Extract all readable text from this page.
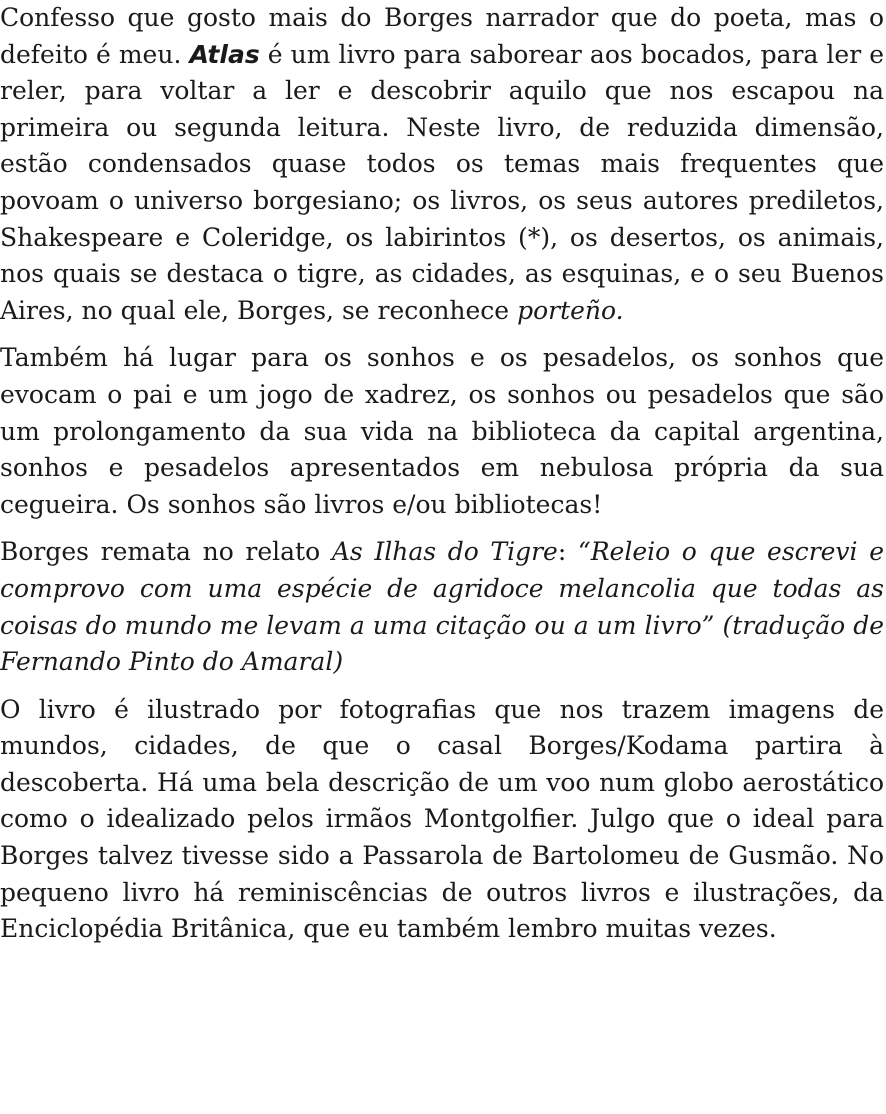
Confesso que gosto mais do Borges narrador que do poeta, mas o defeito é meu. Atlas é um livro para saborear aos bocados, para ler e reler, para voltar a ler e descobrir aquilo que nos escapou na primeira ou segunda leitura. Neste livro, de reduzida dimensão, estão condensados quase todos os temas mais frequentes que povoam o universo borgesiano; os livros, os seus autores prediletos, Shakespeare e Coleridge, os labirintos (*), os desertos, os animais, nos quais se destaca o tigre, as cidades, as esquinas, e o seu Buenos Aires, no qual ele, Borges, se reconhece porteño.

Também há lugar para os sonhos e os pesadelos, os sonhos que evocam o pai e um jogo de xadrez, os sonhos ou pesadelos que são um prolongamento da sua vida na biblioteca da capital argentina, sonhos e pesadelos apresentados em nebulosa própria da sua cegueira. Os sonhos são livros e/ou bibliotecas!

Borges remata no relato As Ilhas do Tigre: “Releio o que escrevi e comprovo com uma espécie de agridoce melancolia que todas as coisas do mundo me levam a uma citação ou a um livro” (tradução de Fernando Pinto do Amaral)

O livro é ilustrado por fotografias que nos trazem imagens de mundos, cidades, de que o casal Borges/Kodama partira à descoberta. Há uma bela descrição de um voo num globo aerostático como o idealizado pelos irmãos Montgolfier. Julgo que o ideal para Borges talvez tivesse sido a Passarola de Bartolomeu de Gusmão. No pequeno livro há reminiscências de outros livros e ilustrações, da Enciclopédia Britânica, que eu também lembro muitas vezes.
